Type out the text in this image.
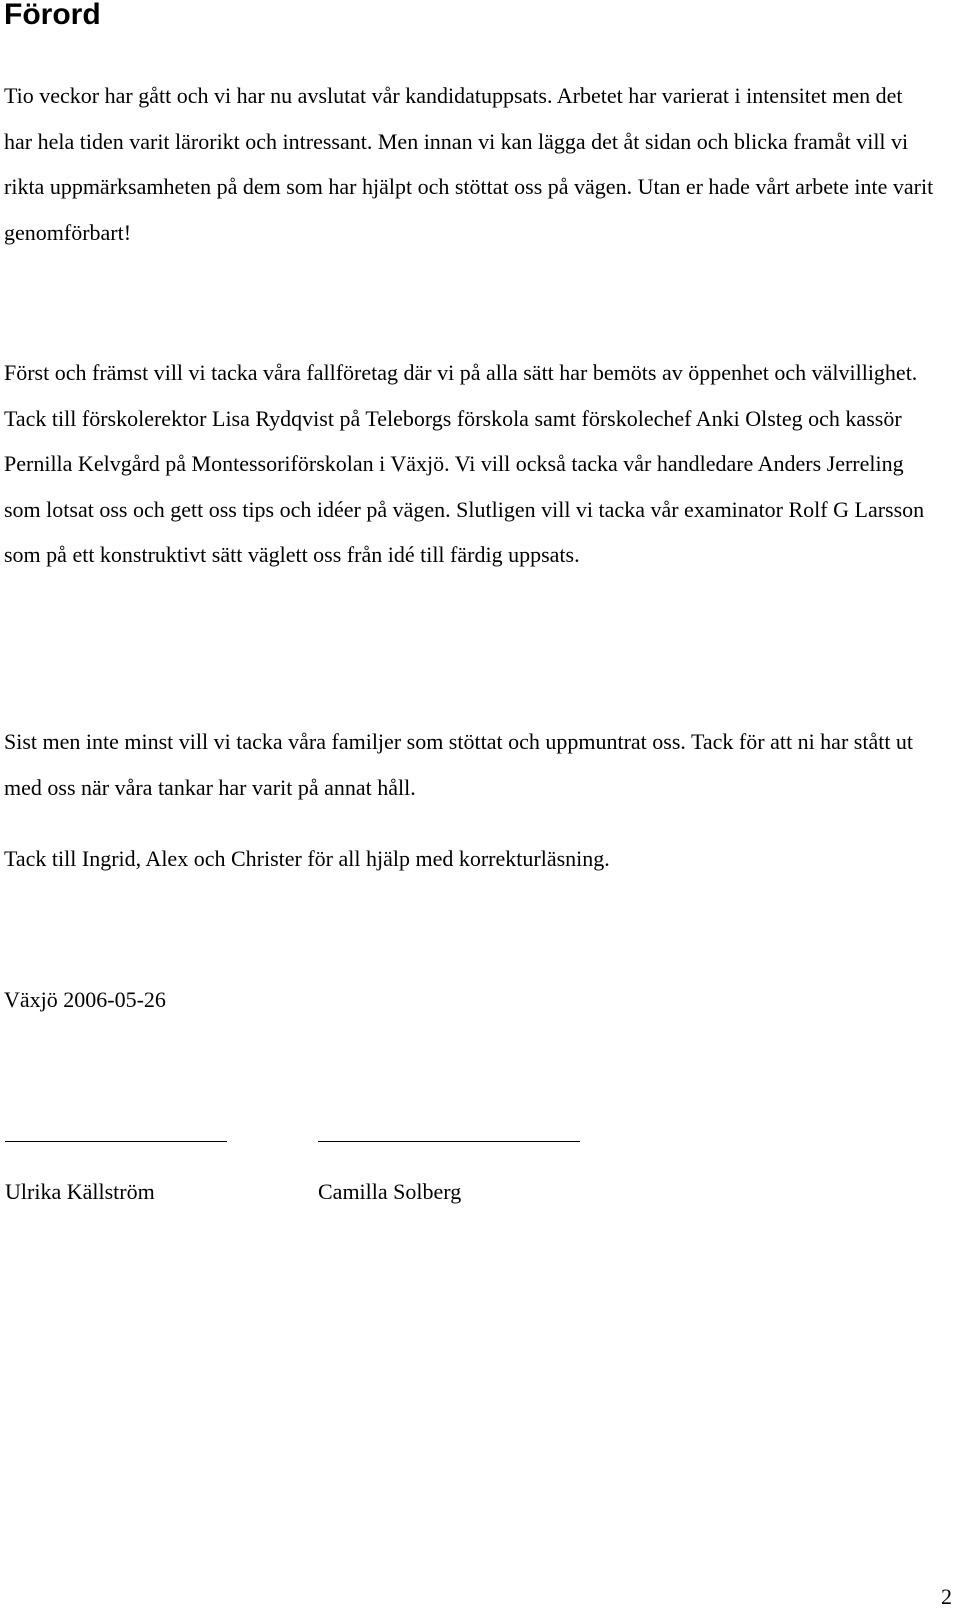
Förord

Tio veckor har gått och vi har nu avslutat vår kandidatuppsats. Arbetet har varierat i intensitet men det har hela tiden varit lärorikt och intressant. Men innan vi kan lägga det åt sidan och blicka framåt vill vi rikta uppmärksamheten på dem som har hjälpt och stöttat oss på vägen. Utan er hade vårt arbete inte varit genomförbart!

Först och främst vill vi tacka våra fallföretag där vi på alla sätt har bemöts av öppenhet och välvillighet. Tack till förskolerektor Lisa Rydqvist på Teleborgs förskola samt förskolechef Anki Olsteg och kassör Pernilla Kelvgård på Montessoriförskolan i Växjö. Vi vill också tacka vår handledare Anders Jerreling som lotsat oss och gett oss tips och idéer på vägen. Slutligen vill vi tacka vår examinator Rolf G Larsson som på ett konstruktivt sätt väglett oss från idé till färdig uppsats.

Sist men inte minst vill vi tacka våra familjer som stöttat och uppmuntrat oss. Tack för att ni har stått ut med oss när våra tankar har varit på annat håll.

Tack till Ingrid, Alex och Christer för all hjälp med korrekturläsning.

Växjö 2006-05-26

Ulrika Källström	Camilla Solberg

2
